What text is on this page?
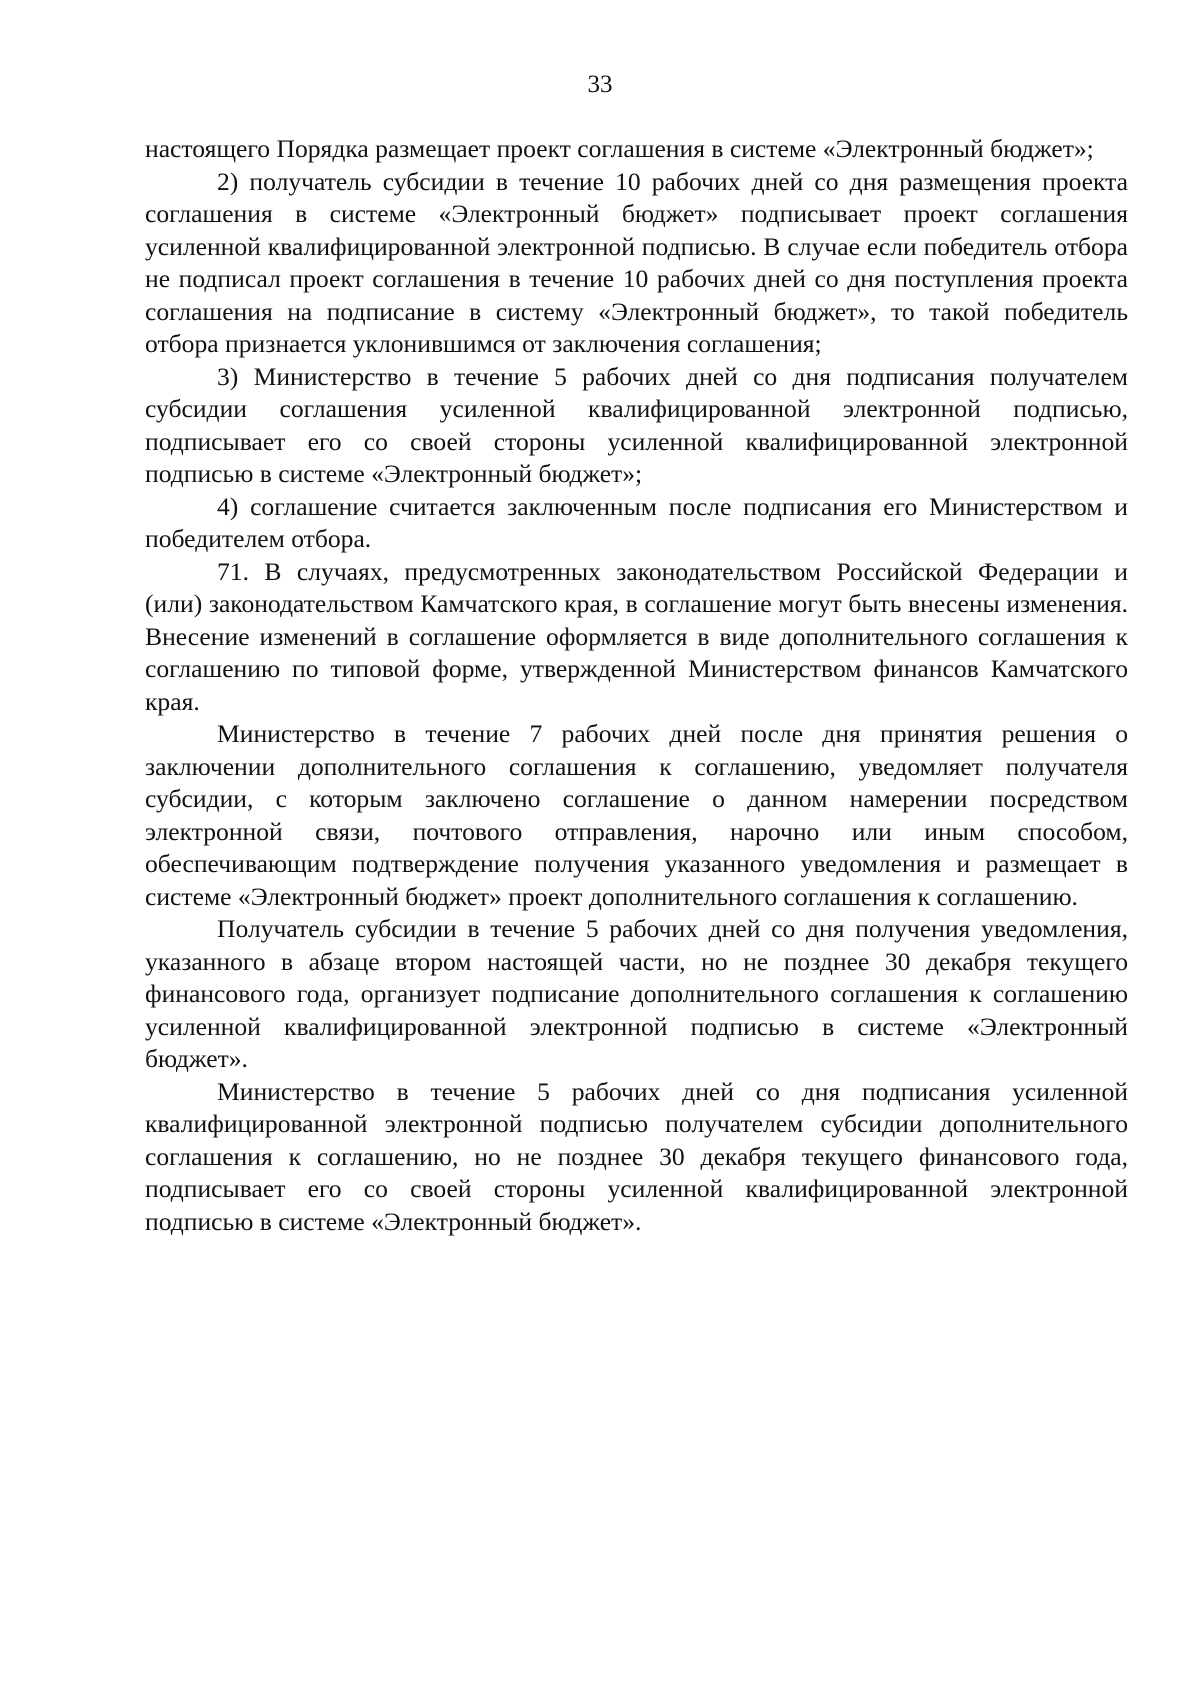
33

настоящего Порядка размещает проект соглашения в системе «Электронный бюджет»;

2) получатель субсидии в течение 10 рабочих дней со дня размещения проекта соглашения в системе «Электронный бюджет» подписывает проект соглашения усиленной квалифицированной электронной подписью. В случае если победитель отбора не подписал проект соглашения в течение 10 рабочих дней со дня поступления проекта соглашения на подписание в систему «Электронный бюджет», то такой победитель отбора признается уклонившимся от заключения соглашения;

3) Министерство в течение 5 рабочих дней со дня подписания получателем субсидии соглашения усиленной квалифицированной электронной подписью, подписывает его со своей стороны усиленной квалифицированной электронной подписью в системе «Электронный бюджет»;

4) соглашение считается заключенным после подписания его Министерством и победителем отбора.

71. В случаях, предусмотренных законодательством Российской Федерации и (или) законодательством Камчатского края, в соглашение могут быть внесены изменения. Внесение изменений в соглашение оформляется в виде дополнительного соглашения к соглашению по типовой форме, утвержденной Министерством финансов Камчатского края.

Министерство в течение 7 рабочих дней после дня принятия решения о заключении дополнительного соглашения к соглашению, уведомляет получателя субсидии, с которым заключено соглашение о данном намерении посредством электронной связи, почтового отправления, нарочно или иным способом, обеспечивающим подтверждение получения указанного уведомления и размещает в системе «Электронный бюджет» проект дополнительного соглашения к соглашению.

Получатель субсидии в течение 5 рабочих дней со дня получения уведомления, указанного в абзаце втором настоящей части, но не позднее 30 декабря текущего финансового года, организует подписание дополнительного соглашения к соглашению усиленной квалифицированной электронной подписью в системе «Электронный бюджет».

Министерство в течение 5 рабочих дней со дня подписания усиленной квалифицированной электронной подписью получателем субсидии дополнительного соглашения к соглашению, но не позднее 30 декабря текущего финансового года, подписывает его со своей стороны усиленной квалифицированной электронной подписью в системе «Электронный бюджет».
